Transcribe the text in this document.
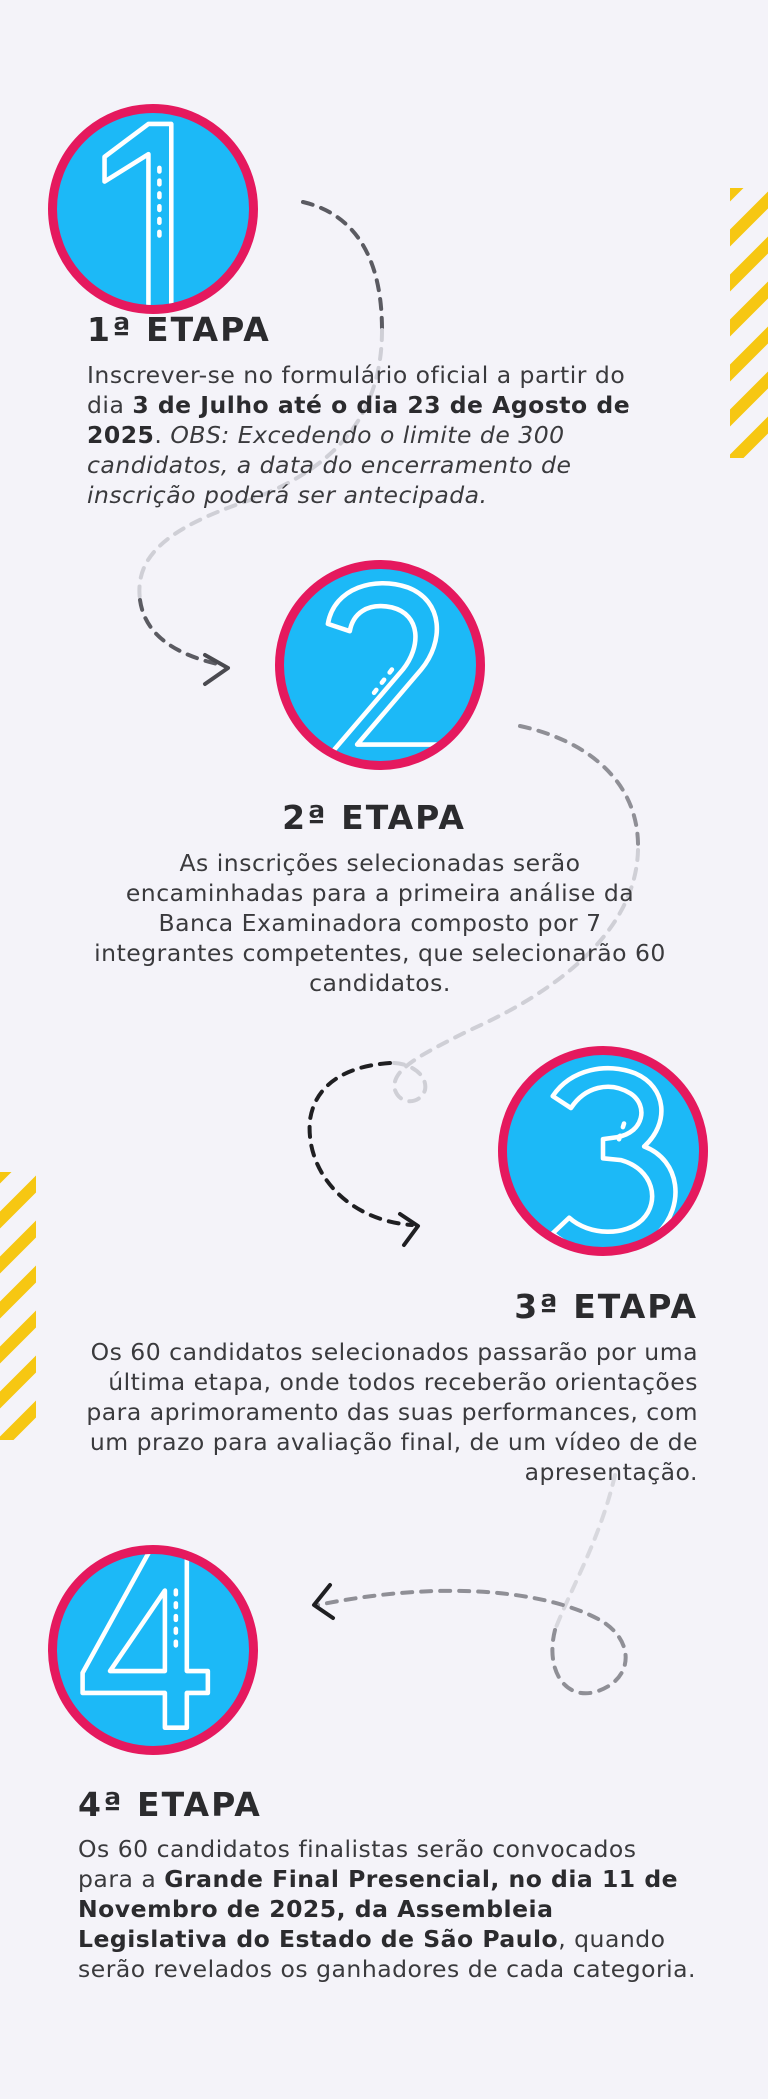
1ª ETAPA

Inscrever-se no formulário oficial a partir do dia 3 de Julho até o dia 23 de Agosto de 2025. OBS: Excedendo o limite de 300 candidatos, a data do encerramento de inscrição poderá ser antecipada.

2ª ETAPA

As inscrições selecionadas serão encaminhadas para a primeira análise da Banca Examinadora composto por 7 integrantes competentes, que selecionarão 60 candidatos.

3ª ETAPA

Os 60 candidatos selecionados passarão por uma última etapa, onde todos receberão orientações para aprimoramento das suas performances, com um prazo para avaliação final, de um vídeo de de apresentação.

4ª ETAPA

Os 60 candidatos finalistas serão convocados para a Grande Final Presencial, no dia 11 de Novembro de 2025, da Assembleia Legislativa do Estado de São Paulo, quando serão revelados os ganhadores de cada categoria.
